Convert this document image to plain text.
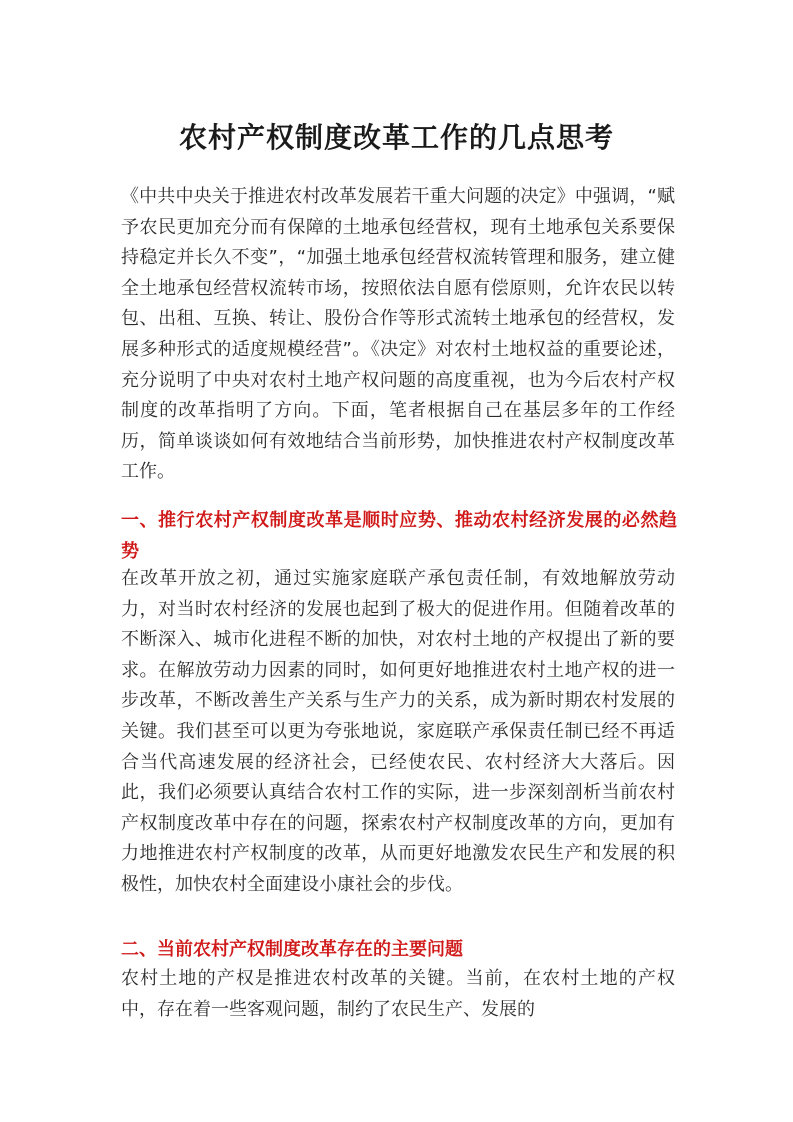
农村产权制度改革工作的几点思考

《中共中央关于推进农村改革发展若干重大问题的决定》中强调，“赋予农民更加充分而有保障的土地承包经营权，现有土地承包关系要保持稳定并长久不变”，“加强土地承包经营权流转管理和服务，建立健全土地承包经营权流转市场，按照依法自愿有偿原则，允许农民以转包、出租、互换、转让、股份合作等形式流转土地承包的经营权，发展多种形式的适度规模经营”。《决定》对农村土地权益的重要论述，充分说明了中央对农村土地产权问题的高度重视，也为今后农村产权制度的改革指明了方向。下面，笔者根据自己在基层多年的工作经历，简单谈谈如何有效地结合当前形势，加快推进农村产权制度改革工作。

一、推行农村产权制度改革是顺时应势、推动农村经济发展的必然趋势

在改革开放之初，通过实施家庭联产承包责任制，有效地解放劳动力，对当时农村经济的发展也起到了极大的促进作用。但随着改革的不断深入、城市化进程不断的加快，对农村土地的产权提出了新的要求。在解放劳动力因素的同时，如何更好地推进农村土地产权的进一步改革，不断改善生产关系与生产力的关系，成为新时期农村发展的关键。我们甚至可以更为夸张地说，家庭联产承保责任制已经不再适合当代高速发展的经济社会，已经使农民、农村经济大大落后。因此，我们必须要认真结合农村工作的实际，进一步深刻剖析当前农村产权制度改革中存在的问题，探索农村产权制度改革的方向，更加有力地推进农村产权制度的改革，从而更好地激发农民生产和发展的积极性，加快农村全面建设小康社会的步伐。

二、当前农村产权制度改革存在的主要问题

农村土地的产权是推进农村改革的关键。当前，在农村土地的产权中，存在着一些客观问题，制约了农民生产、发展的
